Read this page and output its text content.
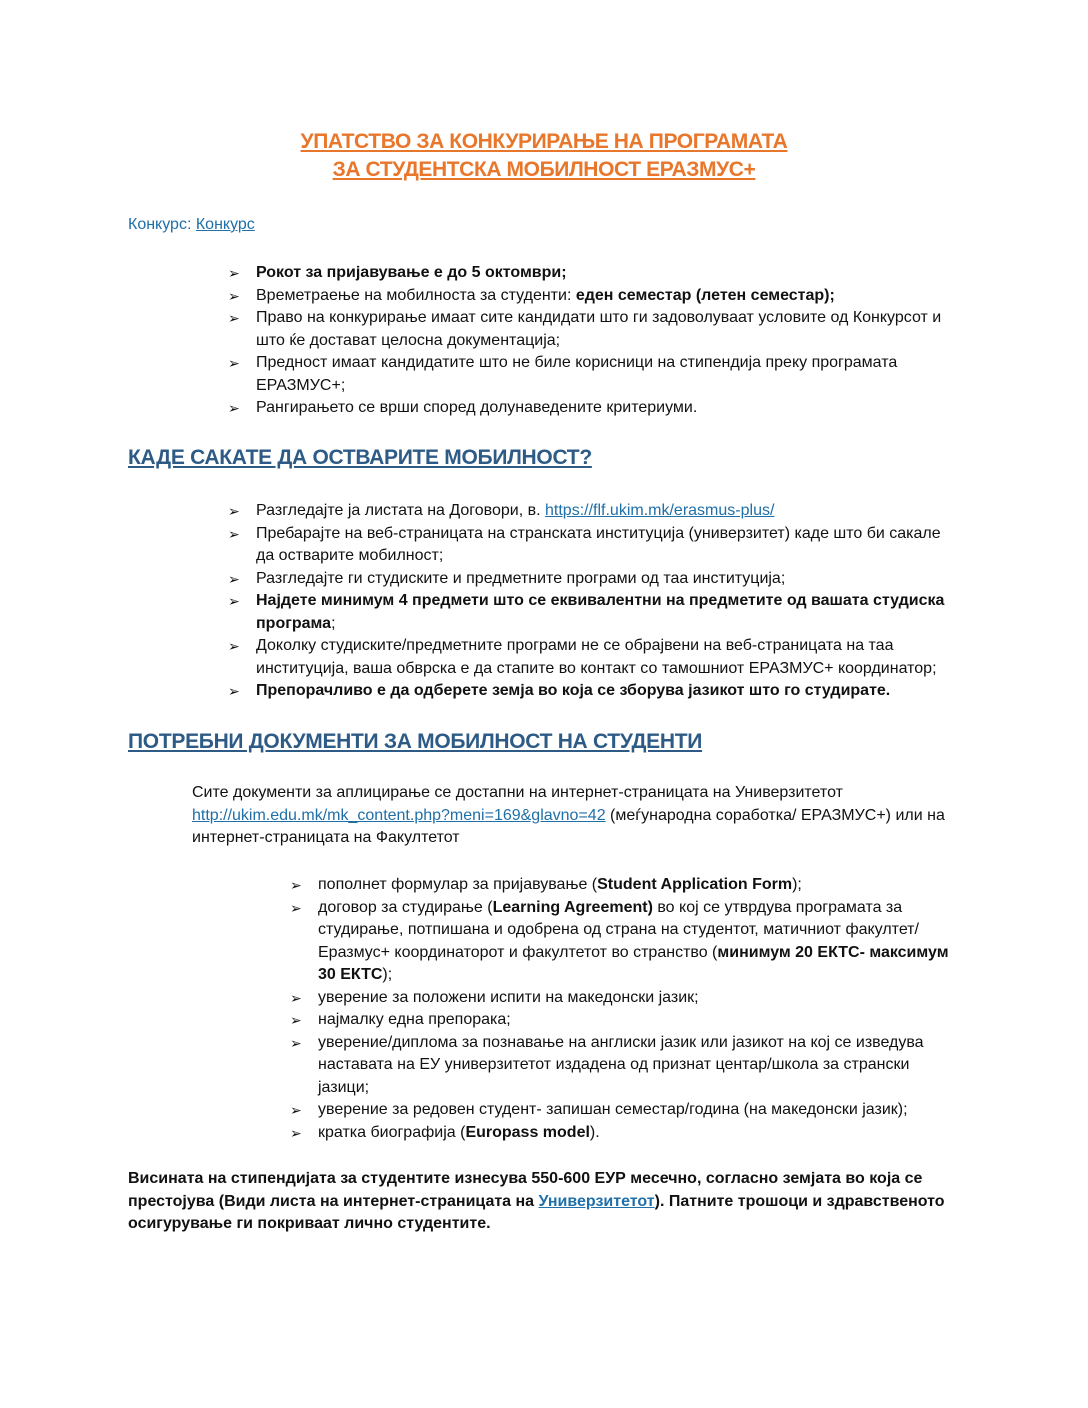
УПАТСТВО ЗА КОНКУРИРАЊЕ НА ПРОГРАМАТА
ЗА СТУДЕНТСКА МОБИЛНОСТ ЕРАЗМУС+
Конкурс: Конкурс
➢	Рокот за пријавување е до 5 октомври;
➢	Времетраење на мобилноста за студенти: еден семестар (летен семестар);
➢	Право на конкурирање имаат сите кандидати што ги задоволуваат условите од Конкурсот и што ќе доставaт целосна документација;
➢	Предност имаат кандидатите што не биле корисници на стипендија преку програмата ЕРАЗМУС+;
➢	Рангирањето се врши според долунаведените критериуми.
КАДЕ САКАТЕ ДА ОСТВАРИТЕ МОБИЛНОСТ?
➢	Разгледајте ја листата на Договори, в. https://flf.ukim.mk/erasmus-plus/
➢	Пребарајте на веб-страницата на странската институција (универзитет) каде што би сакале да остварите мобилност;
➢	Разгледајте ги студиските и предметните програми од таа институција;
➢	Најдете минимум 4 предмети што се еквивалентни на предметите од вашата студиска програма;
➢	Доколку студиските/предметните програми не се обрајвени на веб-страницата на таа институција, ваша обврска е да стапите во контакт со тамошниот ЕРАЗМУС+ координатор;
➢	Препорачливо е да одберете земја во која се зборува јазикот што го студирате.
ПОТРЕБНИ ДОКУМЕНТИ ЗА МОБИЛНОСТ НА СТУДЕНТИ
Сите документи за аплицирање се достапни на интернет-страницата на Универзитетот
http://ukim.edu.mk/mk_content.php?meni=169&glavno=42 (меѓународна соработка/ ЕРАЗМУС+) или на интернет-страницата на Факултетот
➢	пополнет формулар за пријавување (Student Application Form);
➢	договор за студирање (Learning Agreement) во кој се утврдува програмата за студирање, потпишана и одобрена од страна на студентот, матичниот факултет/Еразмус+ координаторот и факултетот во странство (минимум 20 ЕКТС- максимум 30 ЕКТС);
➢	уверение за положени испити на македонски јазик;
➢	најмалку една препорака;
➢	уверение/диплома за познавање на англиски јазик или јазикот на кој се изведува наставата на ЕУ универзитетот издадена од признат центар/школа за странски јазици;
➢	уверение за редовен студент- запишан семестар/година (на македонски јазик);
➢	кратка биографија (Europass model).
Висината на стипендијата за студентите изнесува 550-600 ЕУР месечно, согласно земјата во која се престојува (Види листа на интернет-страницата на Универзитетот). Патните трошоци и здравственото осигурување ги покриваат лично студентите.
